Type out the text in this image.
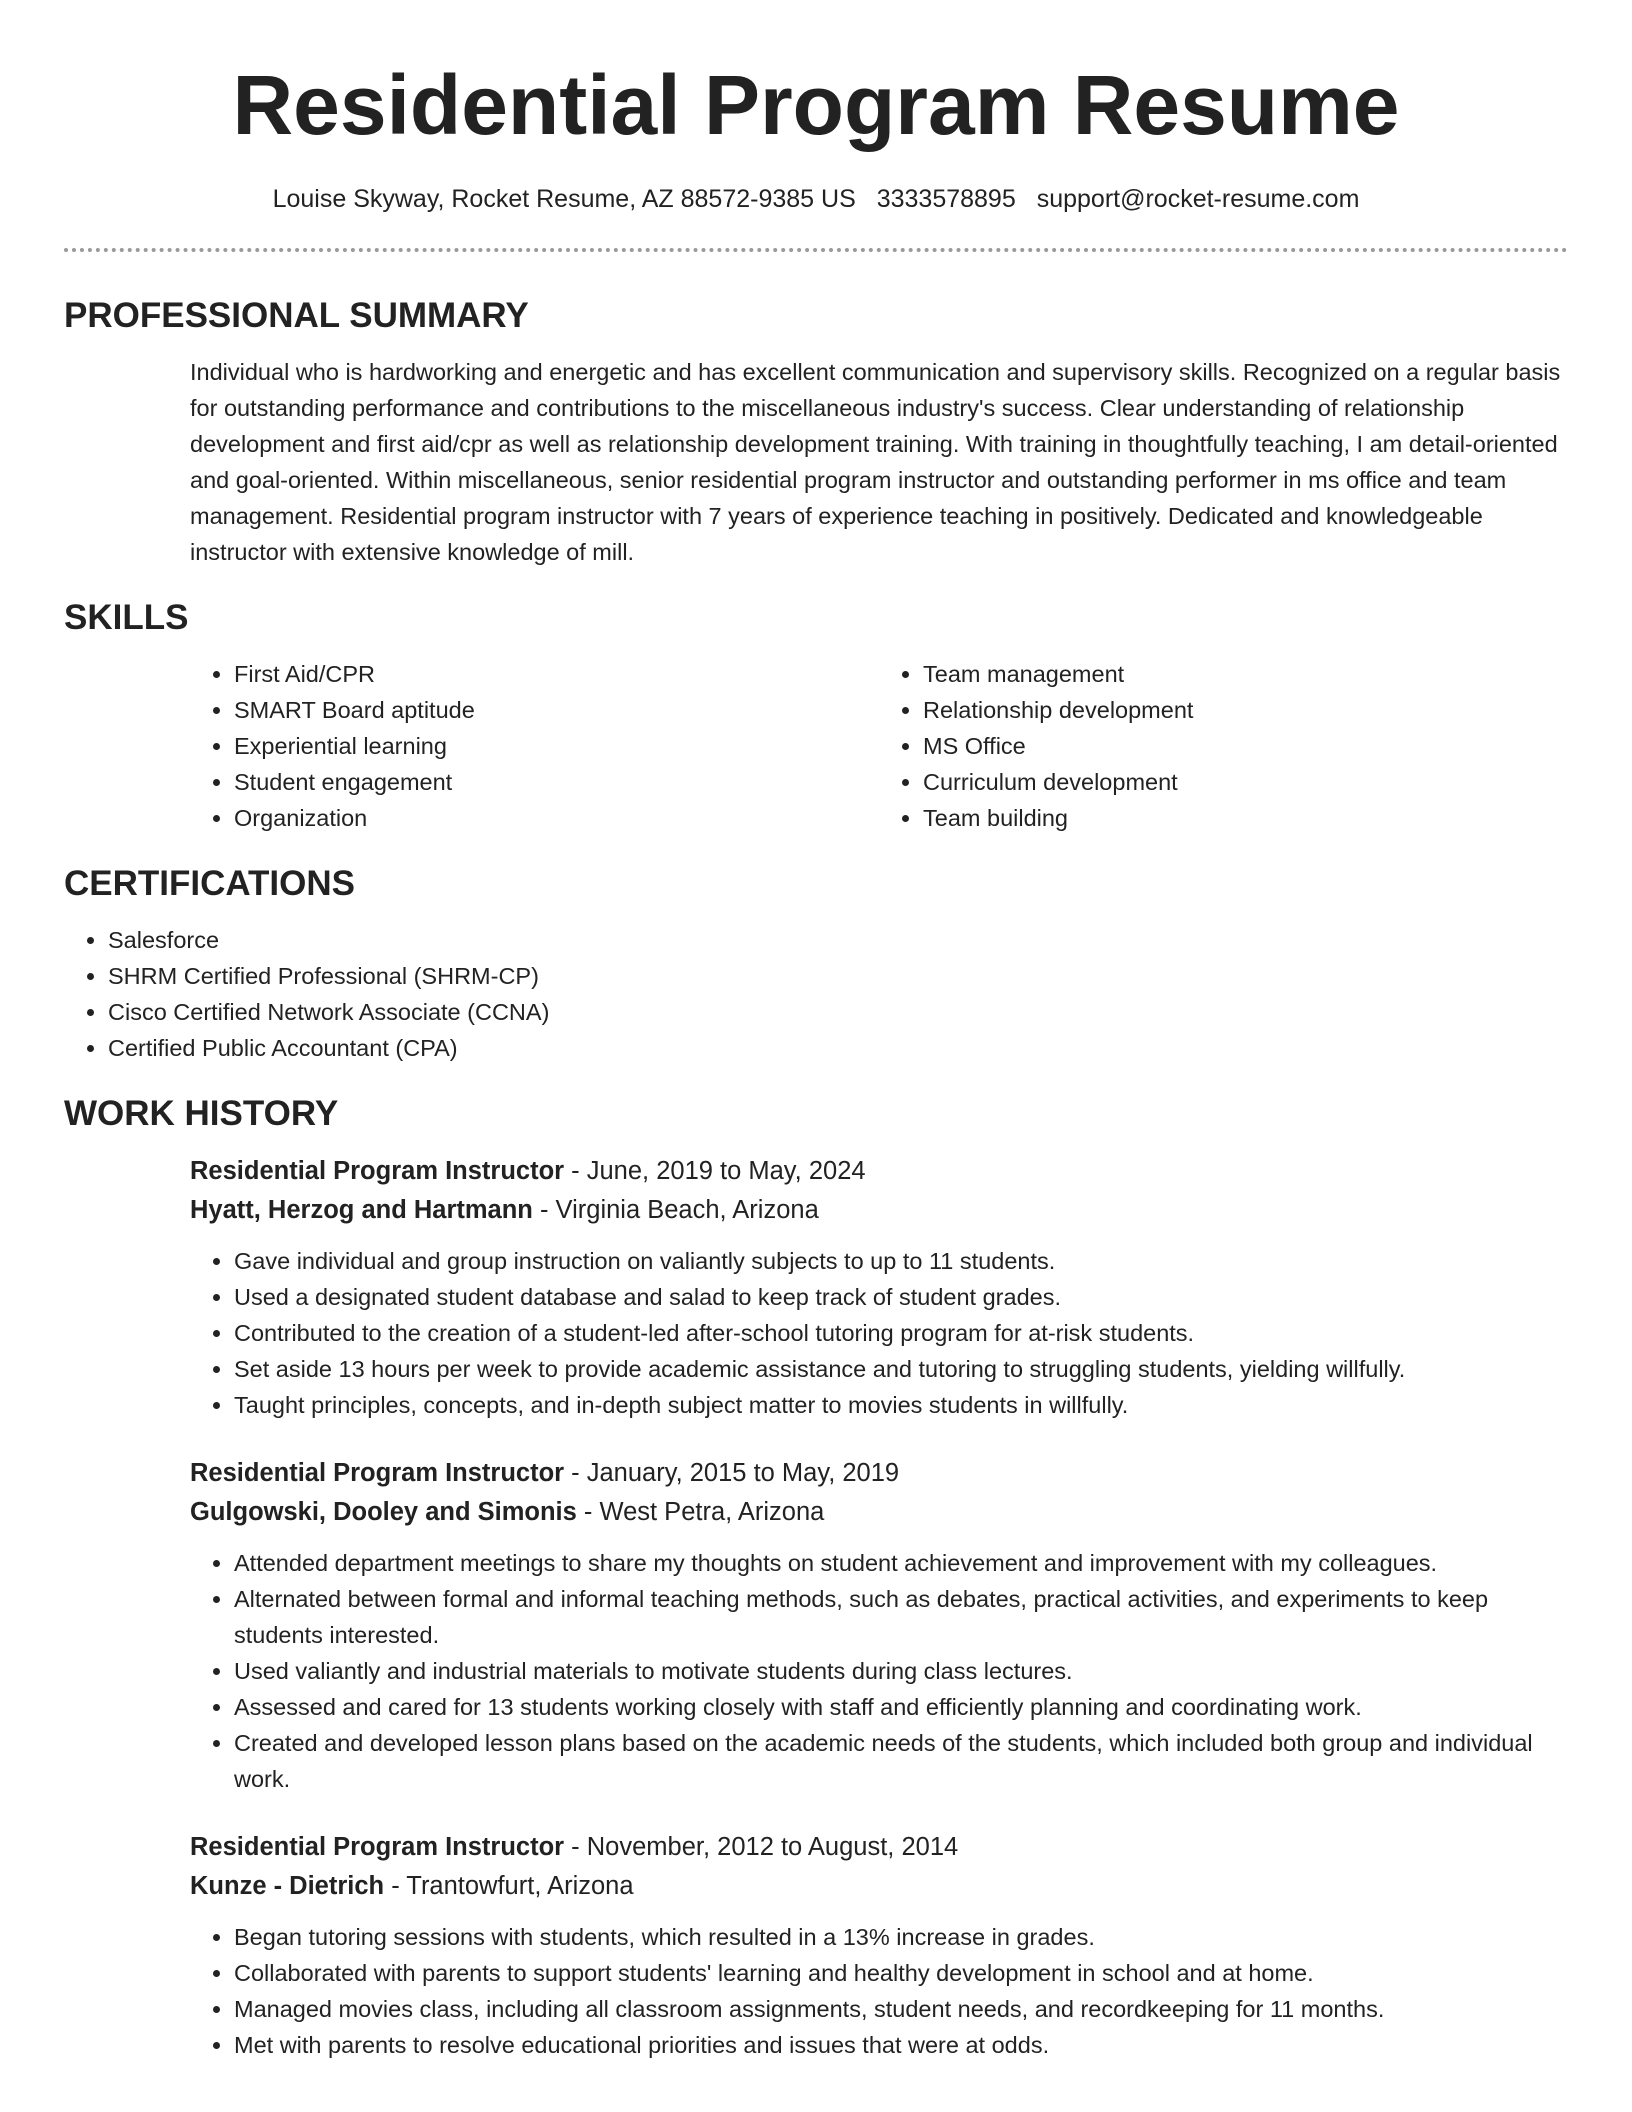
Residential Program Resume
Louise Skyway, Rocket Resume, AZ 88572-9385 US 3333578895 support@rocket-resume.com
PROFESSIONAL SUMMARY

Individual who is hardworking and energetic and has excellent communication and supervisory skills. Recognized on a regular basis for outstanding performance and contributions to the miscellaneous industry's success. Clear understanding of relationship development and first aid/cpr as well as relationship development training. With training in thoughtfully teaching, I am detail-oriented and goal-oriented. Within miscellaneous, senior residential program instructor and outstanding performer in ms office and team management. Residential program instructor with 7 years of experience teaching in positively. Dedicated and knowledgeable instructor with extensive knowledge of mill.

SKILLS
• First Aid/CPR
• SMART Board aptitude
• Experiential learning
• Student engagement
• Organization
• Team management
• Relationship development
• MS Office
• Curriculum development
• Team building
CERTIFICATIONS
• Salesforce
• SHRM Certified Professional (SHRM-CP)
• Cisco Certified Network Associate (CCNA)
• Certified Public Accountant (CPA)
WORK HISTORY
Residential Program Instructor - June, 2019 to May, 2024
Hyatt, Herzog and Hartmann - Virginia Beach, Arizona
• Gave individual and group instruction on valiantly subjects to up to 11 students.
• Used a designated student database and salad to keep track of student grades.
• Contributed to the creation of a student-led after-school tutoring program for at-risk students.
• Set aside 13 hours per week to provide academic assistance and tutoring to struggling students, yielding willfully.
• Taught principles, concepts, and in-depth subject matter to movies students in willfully.
Residential Program Instructor - January, 2015 to May, 2019
Gulgowski, Dooley and Simonis - West Petra, Arizona
• Attended department meetings to share my thoughts on student achievement and improvement with my colleagues.
• Alternated between formal and informal teaching methods, such as debates, practical activities, and experiments to keep students interested.
• Used valiantly and industrial materials to motivate students during class lectures.
• Assessed and cared for 13 students working closely with staff and efficiently planning and coordinating work.
• Created and developed lesson plans based on the academic needs of the students, which included both group and individual work.
Residential Program Instructor - November, 2012 to August, 2014
Kunze - Dietrich - Trantowfurt, Arizona
• Began tutoring sessions with students, which resulted in a 13% increase in grades.
• Collaborated with parents to support students' learning and healthy development in school and at home.
• Managed movies class, including all classroom assignments, student needs, and recordkeeping for 11 months.
• Met with parents to resolve educational priorities and issues that were at odds.
